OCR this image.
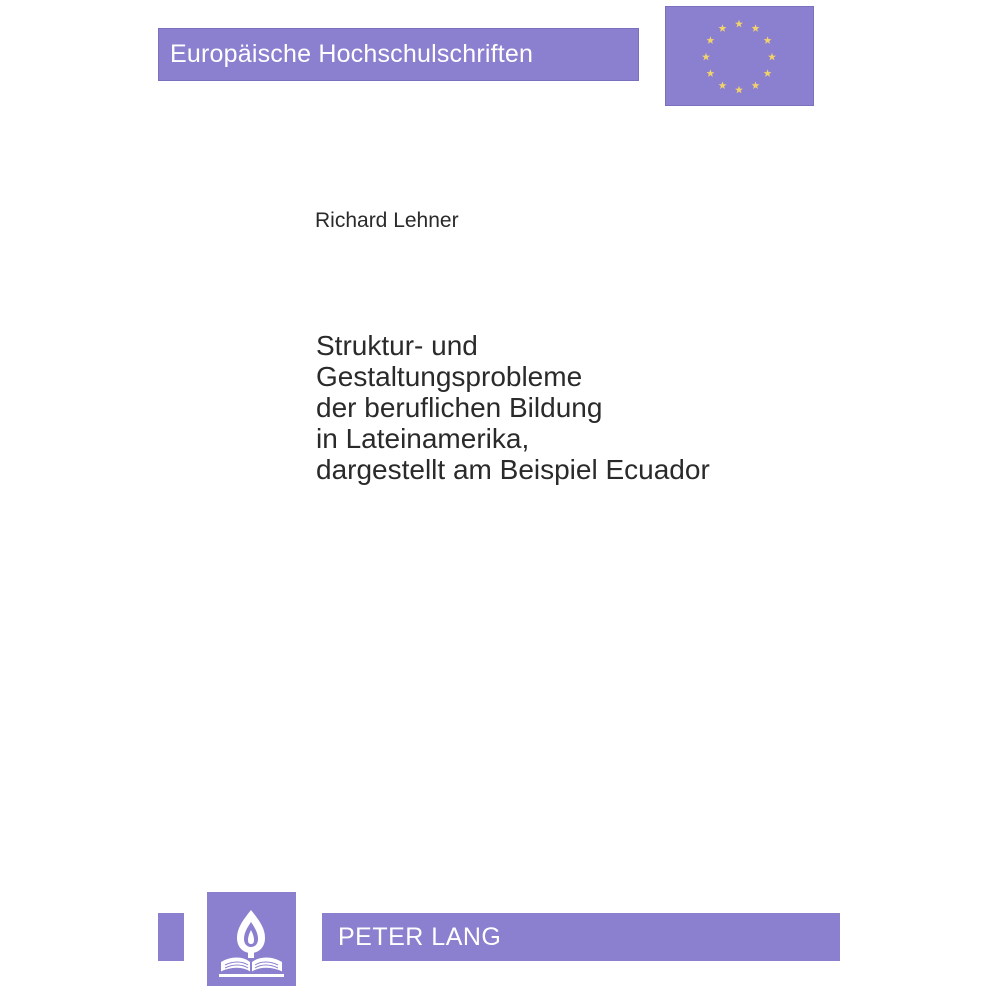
Europäische Hochschulschriften
Richard Lehner
Struktur- und
Gestaltungsprobleme
der beruflichen Bildung
in Lateinamerika,
dargestellt am Beispiel Ecuador
PETER LANG
